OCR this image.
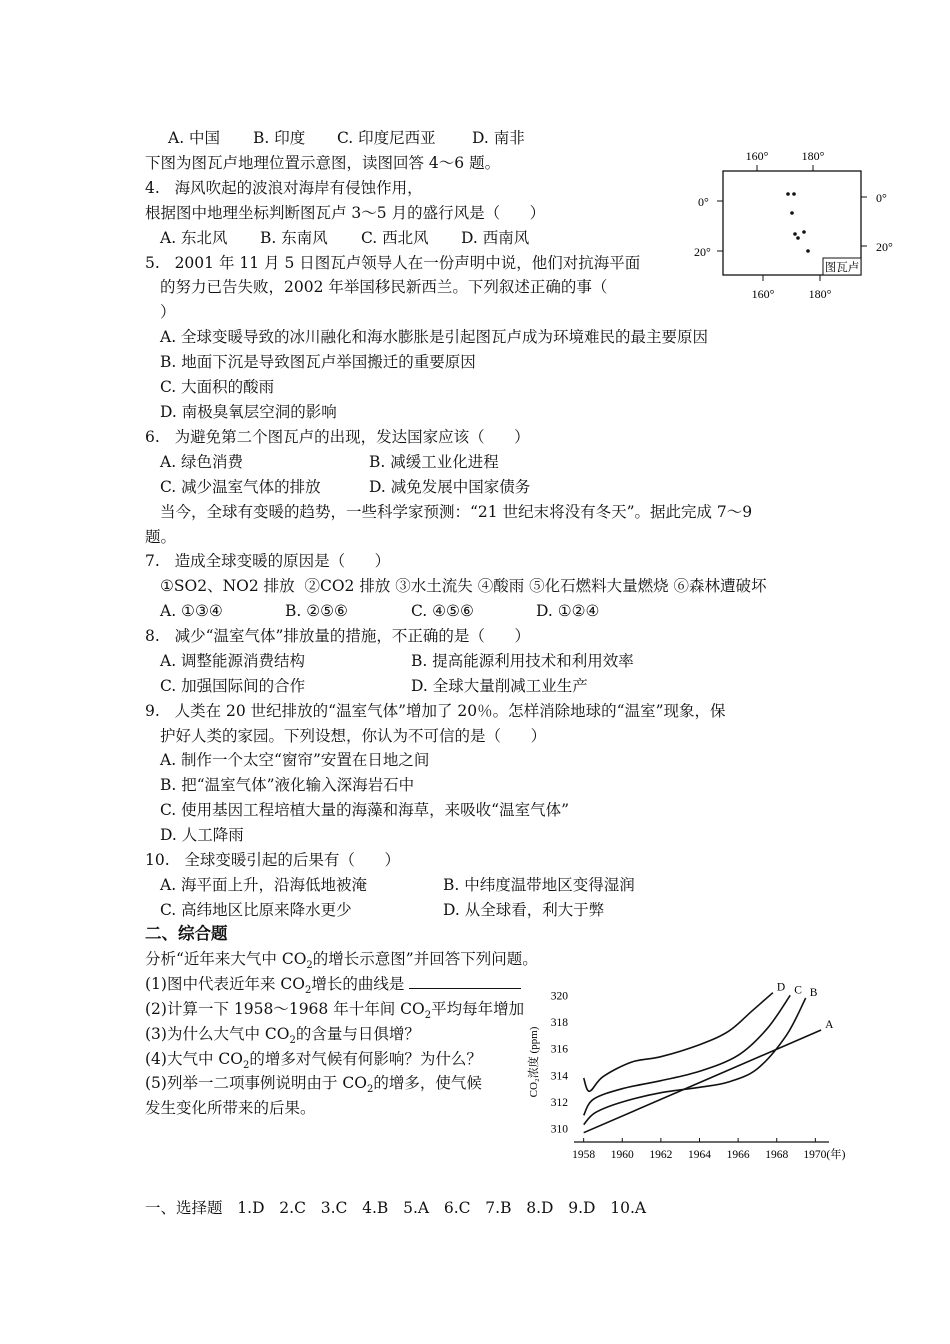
A. 中国 B. 印度 C. 印度尼西亚 D. 南非
下图为图瓦卢地理位置示意图，读图回答 4～6 题。
4.   海风吹起的波浪对海岸有侵蚀作用，
根据图中地理坐标判断图瓦卢 3～5 月的盛行风是（      ）
A. 东北风 B. 东南风 C. 西北风 D. 西南风
5.   2001 年 11 月 5 日图瓦卢领导人在一份声明中说，他们对抗海平面
的努力已告失败，2002 年举国移民新西兰。下列叙述正确的事（
）
A. 全球变暖导致的冰川融化和海水膨胀是引起图瓦卢成为环境难民的最主要原因
B. 地面下沉是导致图瓦卢举国搬迁的重要原因
C. 大面积的酸雨
D. 南极臭氧层空洞的影响
6.   为避免第二个图瓦卢的出现，发达国家应该（      ）
A. 绿色消费	B. 减缓工业化进程
C. 减少温室气体的排放	D. 减免发展中国家债务
当今，全球有变暖的趋势，一些科学家预测：“21 世纪末将没有冬天”。据此完成 7～9
题。
7.   造成全球变暖的原因是（      ）
①SO2、NO2 排放  ②CO2 排放 ③水土流失 ④酸雨 ⑤化石燃料大量燃烧 ⑥森林遭破坏
A. ①③④	B. ②⑤⑥	C. ④⑤⑥	D. ①②④
8.   减少“温室气体”排放量的措施，不正确的是（      ）
A. 调整能源消费结构	B. 提高能源利用技术和利用效率
C. 加强国际间的合作	D. 全球大量削减工业生产
9.   人类在 20 世纪排放的“温室气体”增加了 20％。怎样消除地球的“温室”现象，保
护好人类的家园。下列设想，你认为不可信的是（      ）
A. 制作一个太空“窗帘”安置在日地之间
B. 把“温室气体”液化输入深海岩石中
C. 使用基因工程培植大量的海藻和海草，来吸收“温室气体”
D. 人工降雨
10.   全球变暖引起的后果有（      ）
A. 海平面上升，沿海低地被淹	B. 中纬度温带地区变得湿润
C. 高纬地区比原来降水更少	D. 从全球看，利大于弊
二、综合题
分析“近年来大气中 $CO_2$的增长示意图”并回答下列问题。
(1)图中代表近年来 $CO_2$增长的曲线是
(2)计算一下 1958～1968 年十年间 $CO_2$平均每年增加
(3)为什么大气中 $CO_2$的含量与日俱增？
(4)大气中 $CO_2$的增多对气候有何影响？为什么？
(5)列举一二项事例说明由于 $CO_2$的增多，使气候
发生变化所带来的后果。
一、选择题   1.D   2.C   3.C   4.B   5.A   6.C   7.B   8.D   9.D   10.A
160°	180°
160°	180°
0°
20°
0°
20°
图瓦卢
1958 1960 1962 1964 1966 1968 1970(年)
310
312
314
316
318
320
CO₂浓度 (ppm)
A
B
C
D
